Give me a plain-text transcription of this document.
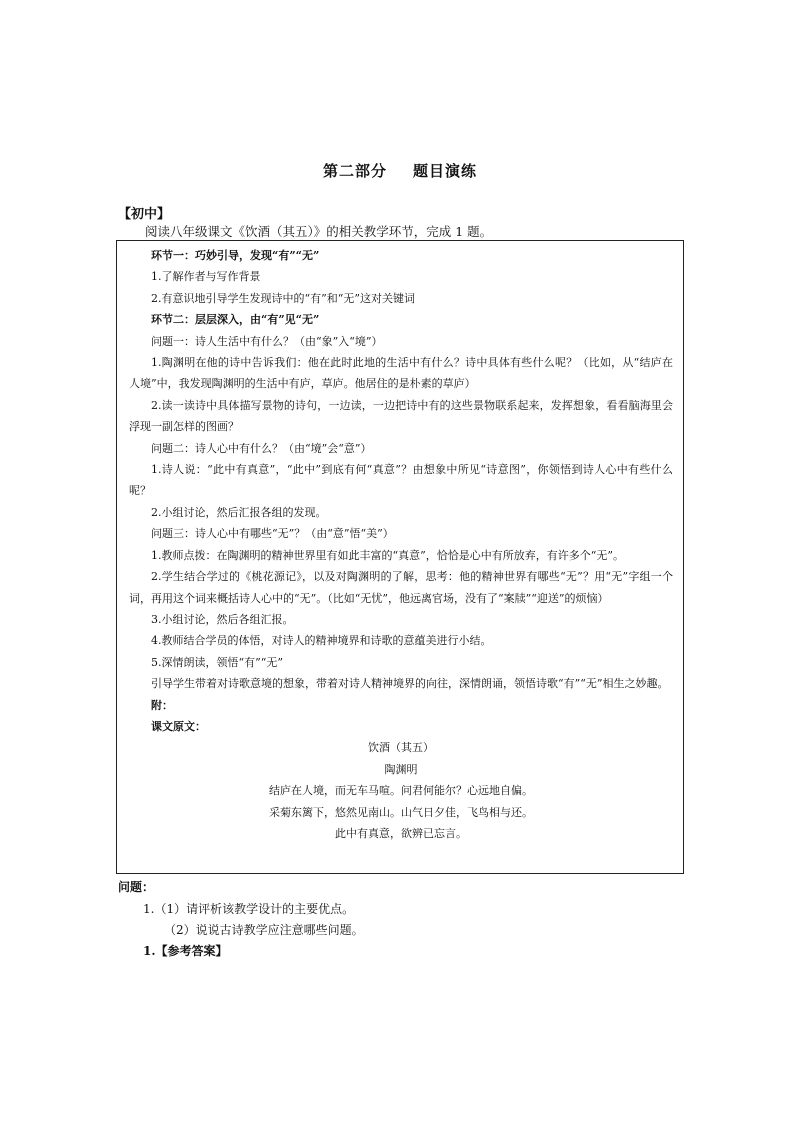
第二部分 题目演练
【初中】
阅读八年级课文《饮酒（其五）》的相关教学环节，完成 1 题。

环节一：巧妙引导，发现“有”“无”

1.了解作者与写作背景

2.有意识地引导学生发现诗中的“有”和“无”这对关键词

环节二：层层深入，由“有”见“无”

问题一：诗人生活中有什么？（由“象”入“境”）

1.陶渊明在他的诗中告诉我们：他在此时此地的生活中有什么？诗中具体有些什么呢？（比如，从“结庐在人境”中，我发现陶渊明的生活中有庐，草庐。他居住的是朴素的草庐）

2.读一读诗中具体描写景物的诗句，一边读，一边把诗中有的这些景物联系起来，发挥想象，看看脑海里会浮现一副怎样的图画？

问题二：诗人心中有什么？（由“境”会“意”）

1.诗人说：“此中有真意”，“此中”到底有何“真意”？由想象中所见“诗意图”，你领悟到诗人心中有些什么呢？

2.小组讨论，然后汇报各组的发现。

问题三：诗人心中有哪些“无”？（由“意”悟“美”）

1.教师点拨：在陶渊明的精神世界里有如此丰富的“真意”，恰恰是心中有所放弃，有许多个“无”。

2.学生结合学过的《桃花源记》，以及对陶渊明的了解，思考：他的精神世界有哪些“无”？用“无”字组一个词，再用这个词来概括诗人心中的“无”。（比如“无忧”，他远离官场，没有了“案牍”“迎送”的烦恼）

3.小组讨论，然后各组汇报。

4.教师结合学员的体悟，对诗人的精神境界和诗歌的意蕴美进行小结。

5.深情朗读，领悟“有”“无”

引导学生带着对诗歌意境的想象，带着对诗人精神境界的向往，深情朗诵，领悟诗歌“有”“无”相生之妙趣。

附：

课文原文：

饮酒（其五）

陶渊明

结庐在人境，而无车马喧。问君何能尔？心远地自偏。

采菊东篱下，悠然见南山。山气日夕佳，飞鸟相与还。

此中有真意，欲辨已忘言。

问题：
1.（1）请评析该教学设计的主要优点。
（2）说说古诗教学应注意哪些问题。
1.【参考答案】
